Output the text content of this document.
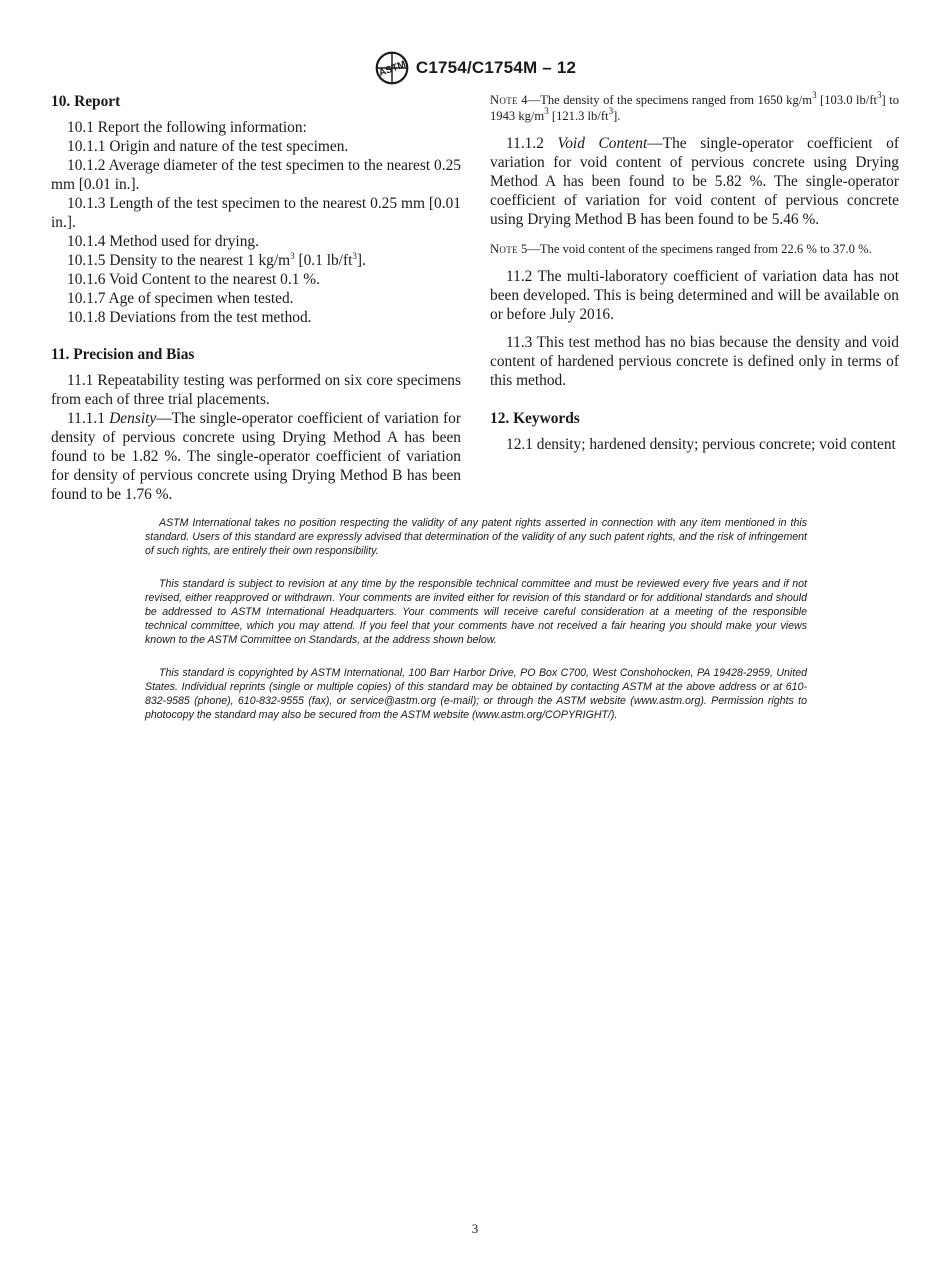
ASTM C1754/C1754M – 12
10. Report

10.1 Report the following information:

10.1.1 Origin and nature of the test specimen.

10.1.2 Average diameter of the test specimen to the nearest 0.25 mm [0.01 in.].

10.1.3 Length of the test specimen to the nearest 0.25 mm [0.01 in.].

10.1.4 Method used for drying.

10.1.5 Density to the nearest 1 $kg/m^3$ [0.1 $lb/ft^3$].

10.1.6 Void Content to the nearest 0.1 %.

10.1.7 Age of specimen when tested.

10.1.8 Deviations from the test method.

11. Precision and Bias

11.1 Repeatability testing was performed on six core specimens from each of three trial placements.

11.1.1 Density—The single-operator coefficient of variation for density of pervious concrete using Drying Method A has been found to be 1.82 %. The single-operator coefficient of variation for density of pervious concrete using Drying Method B has been found to be 1.76 %.

Note 4—The density of the specimens ranged from 1650 $kg/m^3$ [103.0 $lb/ft^3$] to 1943 $kg/m^3$ [121.3 $lb/ft^3$].

11.1.2 Void Content—The single-operator coefficient of variation for void content of pervious concrete using Drying Method A has been found to be 5.82 %. The single-operator coefficient of variation for void content of pervious concrete using Drying Method B has been found to be 5.46 %.

Note 5—The void content of the specimens ranged from 22.6 % to 37.0 %.

11.2 The multi-laboratory coefficient of variation data has not been developed. This is being determined and will be available on or before July 2016.

11.3 This test method has no bias because the density and void content of hardened pervious concrete is defined only in terms of this method.

12. Keywords

12.1 density; hardened density; pervious concrete; void content

ASTM International takes no position respecting the validity of any patent rights asserted in connection with any item mentioned in this standard. Users of this standard are expressly advised that determination of the validity of any such patent rights, and the risk of infringement of such rights, are entirely their own responsibility.

This standard is subject to revision at any time by the responsible technical committee and must be reviewed every five years and if not revised, either reapproved or withdrawn. Your comments are invited either for revision of this standard or for additional standards and should be addressed to ASTM International Headquarters. Your comments will receive careful consideration at a meeting of the responsible technical committee, which you may attend. If you feel that your comments have not received a fair hearing you should make your views known to the ASTM Committee on Standards, at the address shown below.

This standard is copyrighted by ASTM International, 100 Barr Harbor Drive, PO Box C700, West Conshohocken, PA 19428-2959, United States. Individual reprints (single or multiple copies) of this standard may be obtained by contacting ASTM at the above address or at 610-832-9585 (phone), 610-832-9555 (fax), or service@astm.org (e-mail); or through the ASTM website (www.astm.org). Permission rights to photocopy the standard may also be secured from the ASTM website (www.astm.org/COPYRIGHT/).

3
